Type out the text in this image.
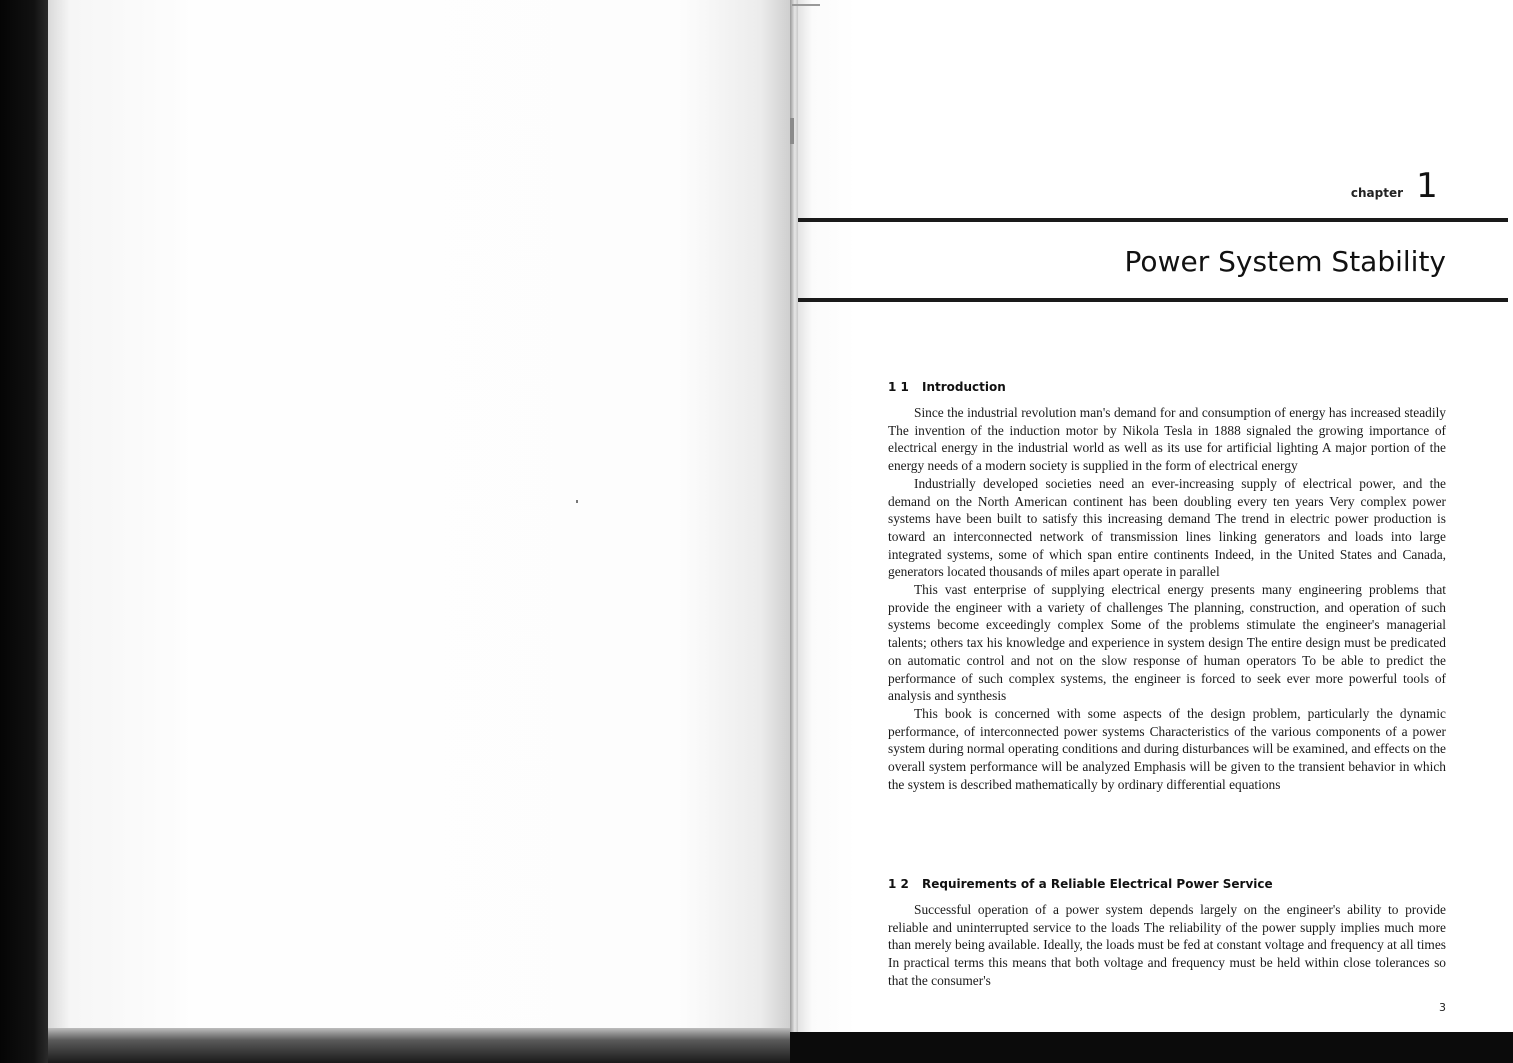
chapter 1
Power System Stability
1 1 Introduction

Since the industrial revolution man's demand for and consumption of energy has increased steadily The invention of the induction motor by Nikola Tesla in 1888 signaled the growing importance of electrical energy in the industrial world as well as its use for artificial lighting A major portion of the energy needs of a modern society is supplied in the form of electrical energy

Industrially developed societies need an ever-increasing supply of electrical power, and the demand on the North American continent has been doubling every ten years Very complex power systems have been built to satisfy this increasing demand The trend in electric power production is toward an interconnected network of transmission lines linking generators and loads into large integrated systems, some of which span entire continents Indeed, in the United States and Canada, generators located thousands of miles apart operate in parallel

This vast enterprise of supplying electrical energy presents many engineering problems that provide the engineer with a variety of challenges The planning, construction, and operation of such systems become exceedingly complex Some of the problems stimulate the engineer's managerial talents; others tax his knowledge and experience in system design The entire design must be predicated on automatic control and not on the slow response of human operators To be able to predict the performance of such complex systems, the engineer is forced to seek ever more powerful tools of analysis and synthesis

This book is concerned with some aspects of the design problem, particularly the dynamic performance, of interconnected power systems Characteristics of the various components of a power system during normal operating conditions and during disturbances will be examined, and effects on the overall system performance will be analyzed Emphasis will be given to the transient behavior in which the system is described mathematically by ordinary differential equations

1 2 Requirements of a Reliable Electrical Power Service

Successful operation of a power system depends largely on the engineer's ability to provide reliable and uninterrupted service to the loads The reliability of the power supply implies much more than merely being available. Ideally, the loads must be fed at constant voltage and frequency at all times In practical terms this means that both voltage and frequency must be held within close tolerances so that the consumer's

3
